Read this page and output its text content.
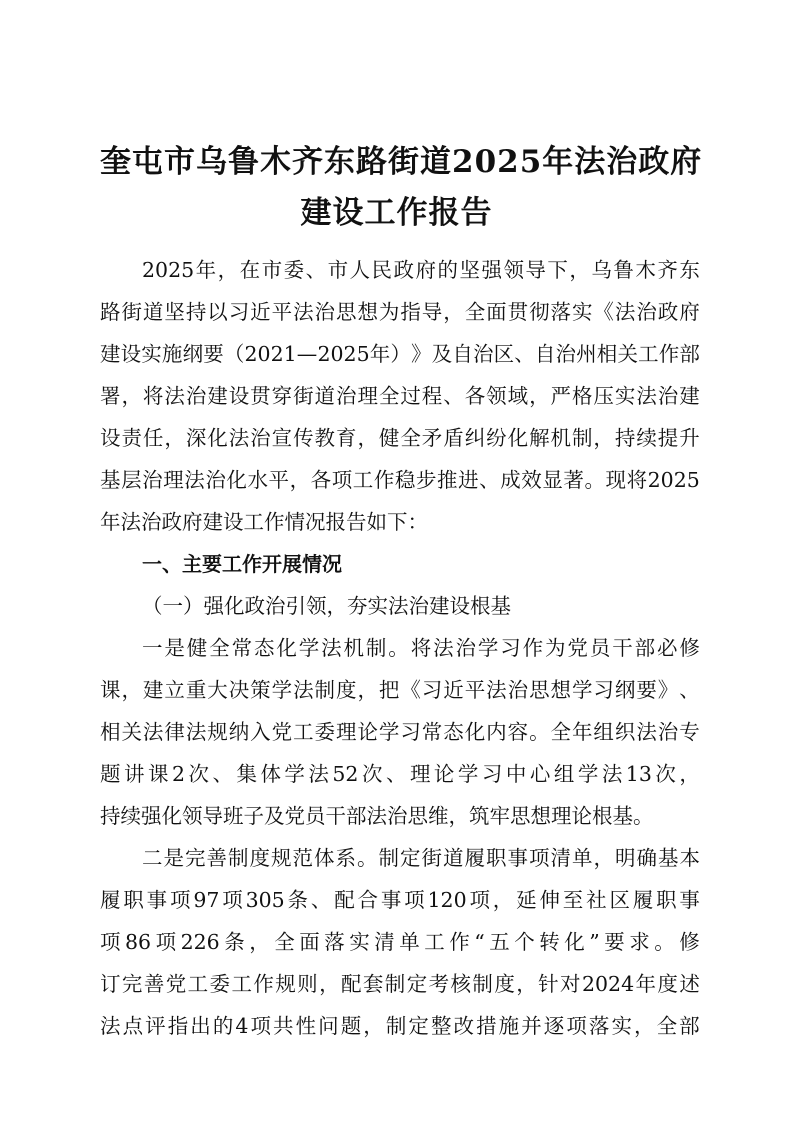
奎屯市乌鲁木齐东路街道2025年法治政府
建设工作报告
2025 年 ， 在 市 委 、 市 人 民 政 府 的 坚 强 领 导 下 ， 乌 鲁 木 齐 东
路 街 道 坚 持 以 习 近 平 法 治 思 想 为 指 导 ， 全 面 贯 彻 落 实 《 法 治 政 府
建 设 实 施 纲 要 （ 2021 — 2025 年 ） 》 及 自 治 区 、 自 治 州 相 关 工 作 部
署 ， 将 法 治 建 设 贯 穿 街 道 治 理 全 过 程 、 各 领 域 ， 严 格 压 实 法 治 建
设 责 任 ， 深 化 法 治 宣 传 教 育 ， 健 全 矛 盾 纠 纷 化 解 机 制 ， 持 续 提 升
基 层 治 理 法 治 化 水 平 ， 各 项 工 作 稳 步 推 进 、 成 效 显 著 。 现 将 2025
年法治政府建设工作情况报告如下：
一、主要工作开展情况
（一）强化政治引领，夯实法治建设根基
一 是 健 全 常 态 化 学 法 机 制 。 将 法 治 学 习 作 为 党 员 干 部 必 修
课 ， 建 立 重 大 决 策 学 法 制 度 ， 把 《 习 近 平 法 治 思 想 学 习 纲 要 》 、
相 关 法 律 法 规 纳 入 党 工 委 理 论 学 习 常 态 化 内 容 。 全 年 组 织 法 治 专
题 讲 课 2 次 、 集 体 学 法 52 次 、 理 论 学 习 中 心 组 学 法 13 次 ，
持续强化领导班子及党员干部法治思维，筑牢思想理论根基。
二 是 完 善 制 度 规 范 体 系 。 制 定 街 道 履 职 事 项 清 单 ， 明 确 基 本
履 职 事 项 97 项 305 条 、 配 合 事 项 120 项 ， 延 伸 至 社 区 履 职 事
项 86 项 226 条 ， 全 面 落 实 清 单 工 作 “ 五 个 转 化 ” 要 求 。 修
订 完 善 党 工 委 工 作 规 则 ， 配 套 制 定 考 核 制 度 ， 针 对 2024 年 度 述
法 点 评 指 出 的 4 项 共 性 问 题 ， 制 定 整 改 措 施 并 逐 项 落 实 ， 全 部
